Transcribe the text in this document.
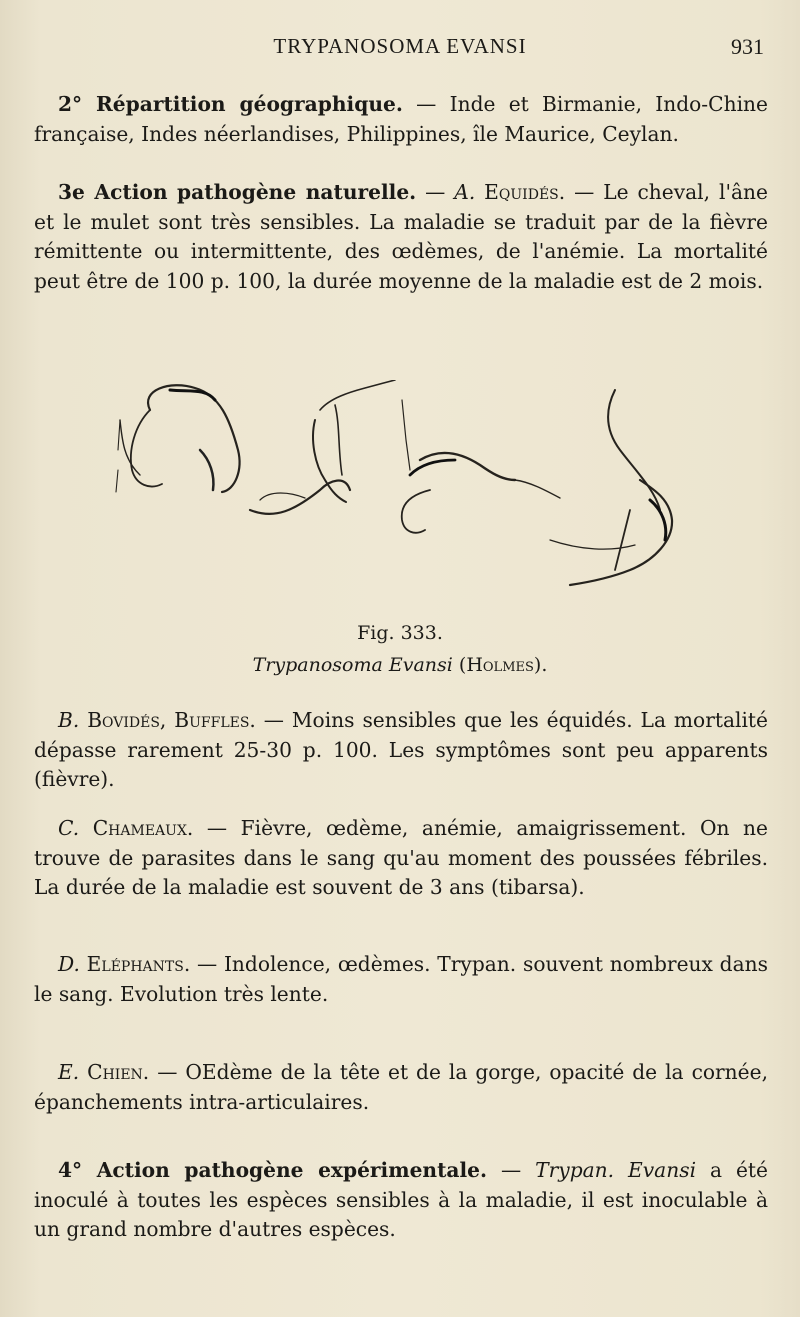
TRYPANOSOMA EVANSI	931

2° Répartition géographique. — Inde et Birmanie, Indo-Chine française, Indes néerlandises, Philippines, île Maurice, Ceylan.

3e Action pathogène naturelle. — A. Equidés. — Le cheval, l'âne et le mulet sont très sensibles. La maladie se traduit par de la fièvre rémittente ou intermittente, des œdèmes, de l'anémie. La mortalité peut être de 100 p. 100, la durée moyenne de la maladie est de 2 mois.

Fig. 333.
Trypanosoma Evansi (Holmes).

B. Bovidés, Buffles. — Moins sensibles que les équidés. La mortalité dépasse rarement 25-30 p. 100. Les symptômes sont peu apparents (fièvre).

C. Chameaux. — Fièvre, œdème, anémie, amaigrissement. On ne trouve de parasites dans le sang qu'au moment des poussées fébriles. La durée de la maladie est souvent de 3 ans (tibarsa).

D. Eléphants. — Indolence, œdèmes. Trypan. souvent nombreux dans le sang. Evolution très lente.

E. Chien. — OEdème de la tête et de la gorge, opacité de la cornée, épanchements intra-articulaires.

4° Action pathogène expérimentale. — Trypan. Evansi a été inoculé à toutes les espèces sensibles à la maladie, il est inoculable à un grand nombre d'autres espèces.
